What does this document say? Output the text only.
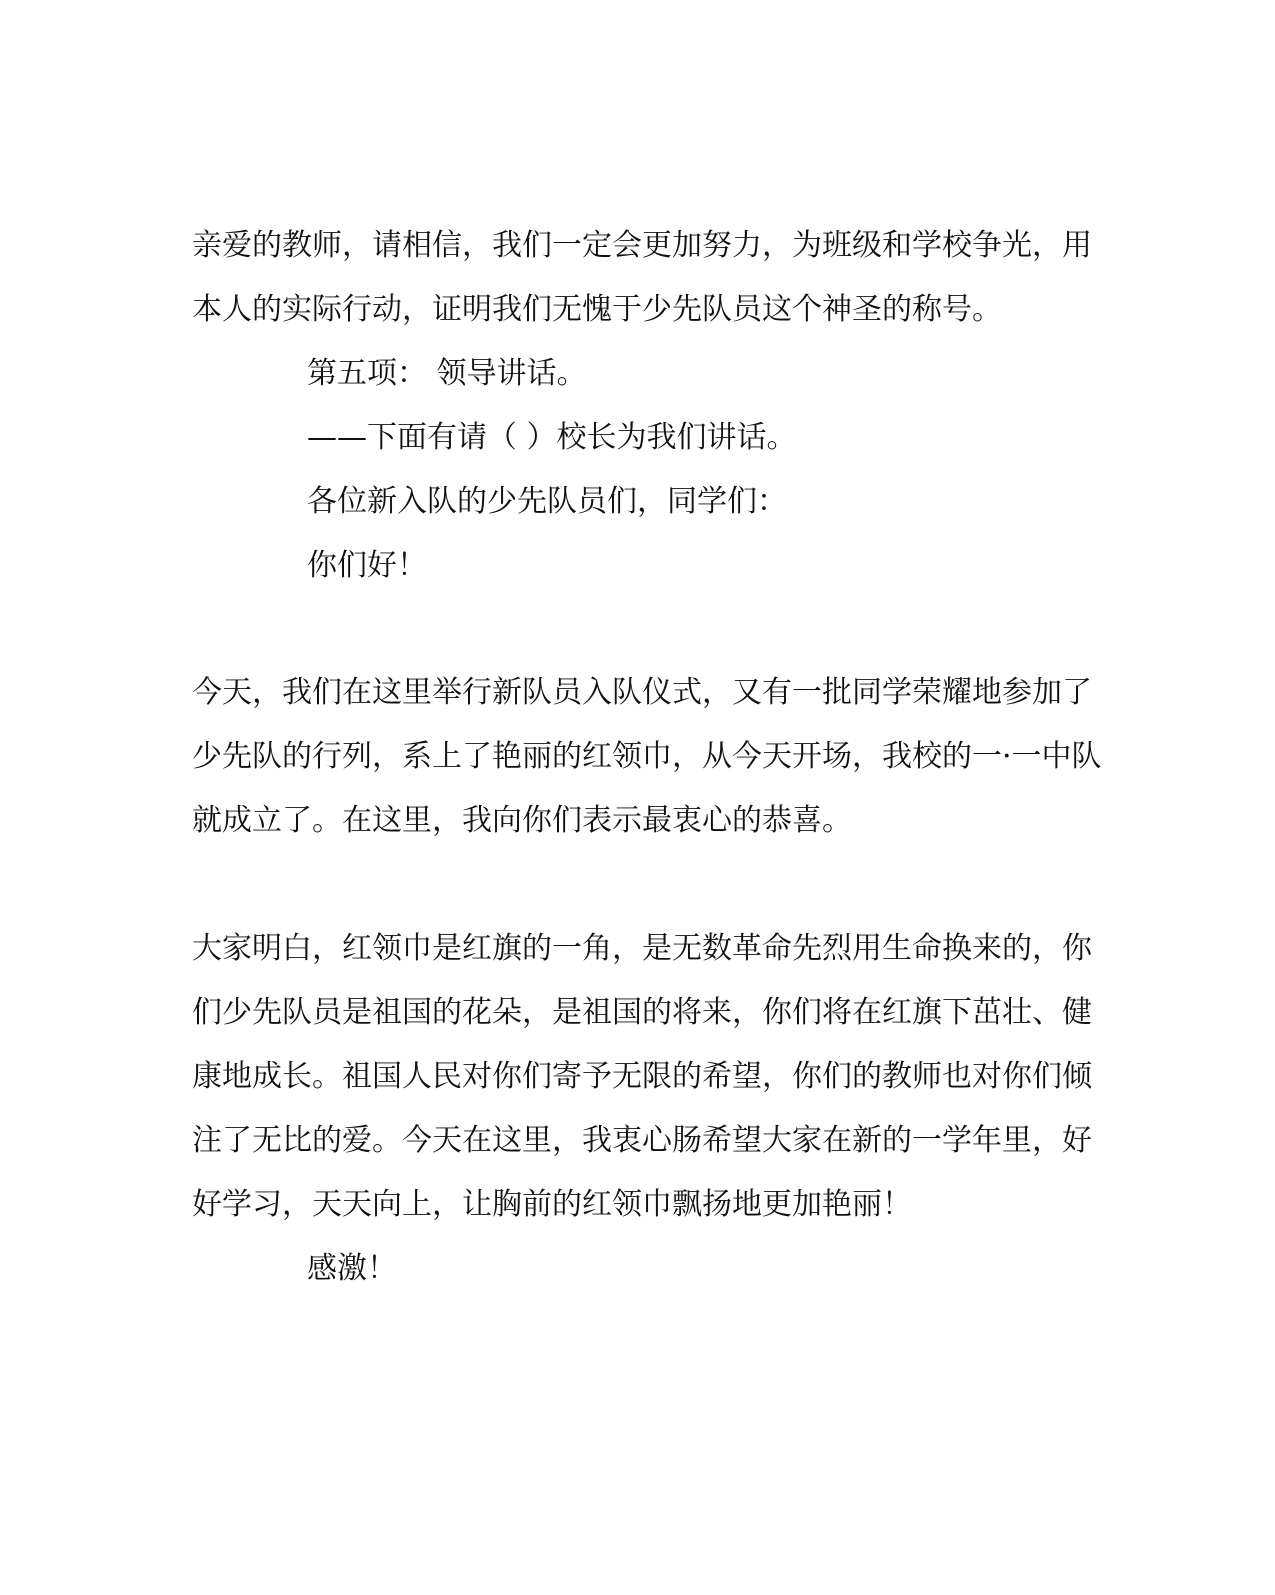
亲爱的教师，请相信，我们一定会更加努力，为班级和学校争光，用

本人的实际行动，证明我们无愧于少先队员这个神圣的称号。

第五项： 领导讲话。

——下面有请（ ）校长为我们讲话。

各位新入队的少先队员们，同学们：

你们好！

今天，我们在这里举行新队员入队仪式，又有一批同学荣耀地参加了

少先队的行列，系上了艳丽的红领巾，从今天开场，我校的一·一中队

就成立了。在这里，我向你们表示最衷心的恭喜。

大家明白，红领巾是红旗的一角，是无数革命先烈用生命换来的，你

们少先队员是祖国的花朵，是祖国的将来，你们将在红旗下茁壮、健

康地成长。祖国人民对你们寄予无限的希望，你们的教师也对你们倾

注了无比的爱。今天在这里，我衷心肠希望大家在新的一学年里，好

好学习，天天向上，让胸前的红领巾飘扬地更加艳丽！

感激！
